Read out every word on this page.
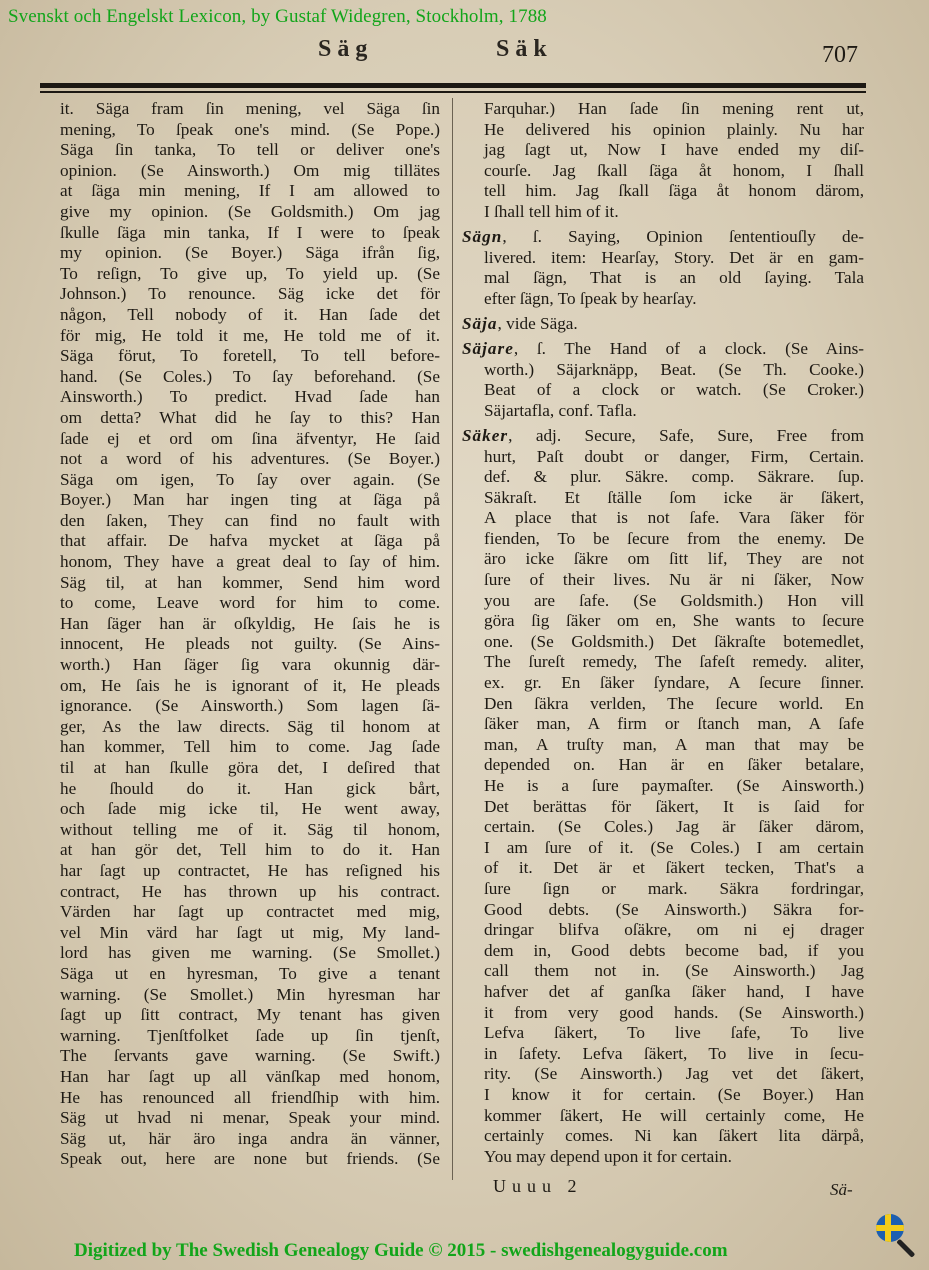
Svenskt och Engelskt Lexicon, by Gustaf Widegren, Stockholm, 1788
Säg	Säk	707
it. Säga fram ſin mening, vel Säga ſin
mening, To ſpeak one's mind. (Se Pope.)
Säga ſin tanka, To tell or deliver one's
opinion. (Se Ainsworth.) Om mig tillätes
at ſäga min mening, If I am allowed to
give my opinion. (Se Goldsmith.) Om jag
ſkulle ſäga min tanka, If I were to ſpeak
my opinion. (Se Boyer.) Säga ifrån ſig,
To reſign, To give up, To yield up. (Se
Johnson.) To renounce. Säg icke det för
någon, Tell nobody of it. Han ſade det
för mig, He told it me, He told me of it.
Säga förut, To foretell, To tell before-
hand. (Se Coles.) To ſay beforehand. (Se
Ainsworth.) To predict. Hvad ſade han
om detta? What did he ſay to this? Han
ſade ej et ord om ſina äfventyr, He ſaid
not a word of his adventures. (Se Boyer.)
Säga om igen, To ſay over again. (Se
Boyer.) Man har ingen ting at ſäga på
den ſaken, They can find no fault with
that affair. De hafva mycket at ſäga på
honom, They have a great deal to ſay of him.
Säg til, at han kommer, Send him word
to come, Leave word for him to come.
Han ſäger han är oſkyldig, He ſais he is
innocent, He pleads not guilty. (Se Ains-
worth.) Han ſäger ſig vara okunnig där-
om, He ſais he is ignorant of it, He pleads
ignorance. (Se Ainsworth.) Som lagen ſä-
ger, As the law directs. Säg til honom at
han kommer, Tell him to come. Jag ſade
til at han ſkulle göra det, I deſired that
he ſhould do it. Han gick bårt,
och ſade mig icke til, He went away,
without telling me of it. Säg til honom,
at han gör det, Tell him to do it. Han
har ſagt up contractet, He has reſigned his
contract, He has thrown up his contract.
Värden har ſagt up contractet med mig,
vel Min värd har ſagt ut mig, My land-
lord has given me warning. (Se Smollet.)
Säga ut en hyresman, To give a tenant
warning. (Se Smollet.) Min hyresman har
ſagt up ſitt contract, My tenant has given
warning. Tjenſtfolket ſade up ſin tjenſt,
The ſervants gave warning. (Se Swift.)
Han har ſagt up all vänſkap med honom,
He has renounced all friendſhip with him.
Säg ut hvad ni menar, Speak your mind.
Säg ut, här äro inga andra än vänner,
Speak out, here are none but friends. (Se
Farquhar.) Han ſade ſin mening rent ut,
He delivered his opinion plainly. Nu har
jag ſagt ut, Now I have ended my diſ-
courſe. Jag ſkall ſäga åt honom, I ſhall
tell him. Jag ſkall ſäga åt honom därom,
I ſhall tell him of it.
Sägn, ſ. Saying, Opinion ſententiouſly de-
livered. item: Hearſay, Story. Det är en gam-
mal ſägn, That is an old ſaying. Tala
efter ſägn, To ſpeak by hearſay.
Säja, vide Säga.
Säjare, ſ. The Hand of a clock. (Se Ains-
worth.) Säjarknäpp, Beat. (Se Th. Cooke.)
Beat of a clock or watch. (Se Croker.)
Säjartafla, conf. Tafla.
Säker, adj. Secure, Safe, Sure, Free from
hurt, Paſt doubt or danger, Firm, Certain.
def. & plur. Säkre. comp. Säkrare. ſup.
Säkraſt. Et ſtälle ſom icke är ſäkert,
A place that is not ſafe. Vara ſäker för
fienden, To be ſecure from the enemy. De
äro icke ſäkre om ſitt lif, They are not
ſure of their lives. Nu är ni ſäker, Now
you are ſafe. (Se Goldsmith.) Hon vill
göra ſig ſäker om en, She wants to ſecure
one. (Se Goldsmith.) Det ſäkraſte botemedlet,
The ſureſt remedy, The ſafeſt remedy. aliter,
ex. gr. En ſäker ſyndare, A ſecure ſinner.
Den ſäkra verlden, The ſecure world. En
ſäker man, A firm or ſtanch man, A ſafe
man, A truſty man, A man that may be
depended on. Han är en ſäker betalare,
He is a ſure paymaſter. (Se Ainsworth.)
Det berättas för ſäkert, It is ſaid for
certain. (Se Coles.) Jag är ſäker därom,
I am ſure of it. (Se Coles.) I am certain
of it. Det är et ſäkert tecken, That's a
ſure ſign or mark. Säkra fordringar,
Good debts. (Se Ainsworth.) Säkra for-
dringar blifva oſäkre, om ni ej drager
dem in, Good debts become bad, if you
call them not in. (Se Ainsworth.) Jag
hafver det af ganſka ſäker hand, I have
it from very good hands. (Se Ainsworth.)
Lefva ſäkert, To live ſafe, To live
in ſafety. Lefva ſäkert, To live in ſecu-
rity. (Se Ainsworth.) Jag vet det ſäkert,
I know it for certain. (Se Boyer.) Han
kommer ſäkert, He will certainly come, He
certainly comes. Ni kan ſäkert lita därpå,
You may depend upon it for certain.
Uuuu 2	Sä-
Digitized by The Swedish Genealogy Guide © 2015 - swedishgenealogyguide.com
